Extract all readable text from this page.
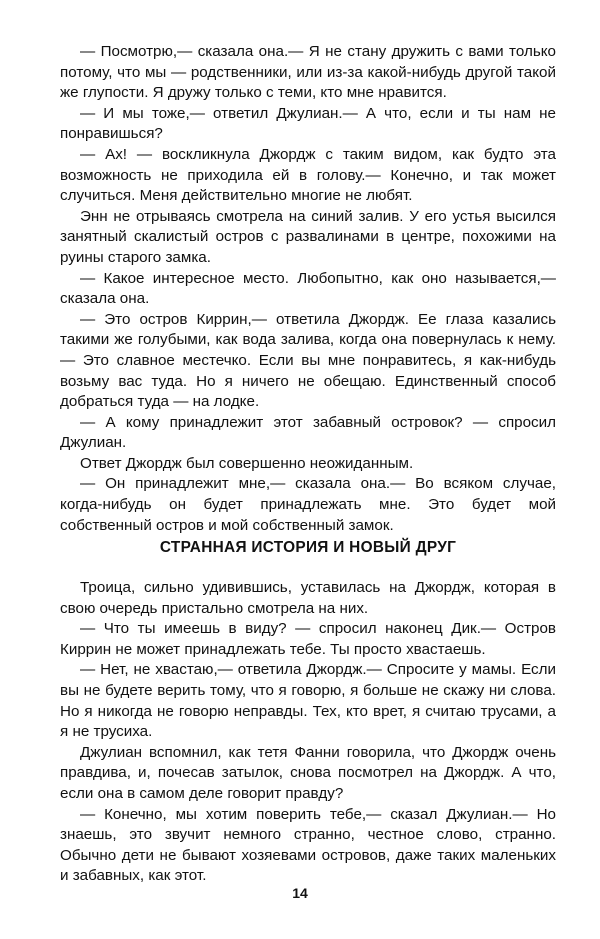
— Посмотрю,— сказала она.— Я не стану дружить с вами только потому, что мы — родственники, или из-за какой-нибудь другой такой же глупости. Я дружу только с теми, кто мне нравится.

— И мы тоже,— ответил Джулиан.— А что, если и ты нам не понравишься?

— Ах! — воскликнула Джордж с таким видом, как будто эта возможность не приходила ей в голову.— Конечно, и так может случиться. Меня действительно многие не любят.

Энн не отрываясь смотрела на синий залив. У его устья высился занятный скалистый остров с развалинами в центре, похожими на руины старого замка.

— Какое интересное место. Любопытно, как оно называется,— сказала она.

— Это остров Киррин,— ответила Джордж. Ее глаза казались такими же голубыми, как вода залива, когда она повернулась к нему.— Это славное местечко. Если вы мне понравитесь, я как-нибудь возьму вас туда. Но я ничего не обещаю. Единственный способ добраться туда — на лодке.

— А кому принадлежит этот забавный островок? — спросил Джулиан.

Ответ Джордж был совершенно неожиданным.

— Он принадлежит мне,— сказала она.— Во всяком случае, когда-нибудь он будет принадлежать мне. Это будет мой собственный остров и мой собственный замок.

СТРАННАЯ ИСТОРИЯ И НОВЫЙ ДРУГ

Троица, сильно удивившись, уставилась на Джордж, которая в свою очередь пристально смотрела на них.

— Что ты имеешь в виду? — спросил наконец Дик.— Остров Киррин не может принадлежать тебе. Ты просто хвастаешь.

— Нет, не хвастаю,— ответила Джордж.— Спросите у мамы. Если вы не будете верить тому, что я говорю, я больше не скажу ни слова. Но я никогда не говорю неправды. Тех, кто врет, я считаю трусами, а я не трусиха.

Джулиан вспомнил, как тетя Фанни говорила, что Джордж очень правдива, и, почесав затылок, снова посмотрел на Джордж. А что, если она в самом деле говорит правду?

— Конечно, мы хотим поверить тебе,— сказал Джулиан.— Но знаешь, это звучит немного странно, честное слово, странно. Обычно дети не бывают хозяевами островов, даже таких маленьких и забавных, как этот.

14
